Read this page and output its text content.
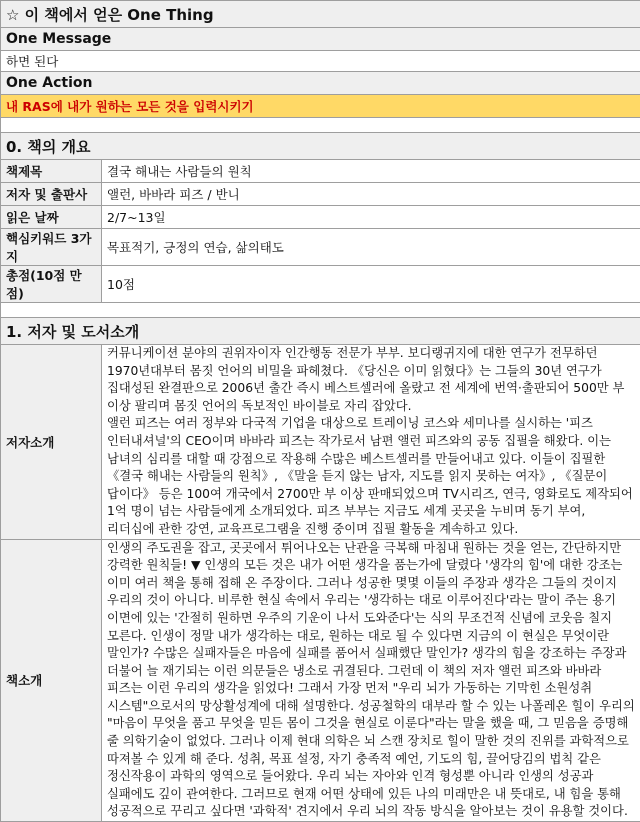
☆ 이 책에서 얻은 One Thing	
One Message	
하면 된다	
One Action	
내 RAS에 내가 원하는 모든 것을 입력시키기	

0. 책의 개요	
책제목	결국 해내는 사람들의 원칙
저자 및 출판사	앨런, 바바라 피즈 / 반니
읽은 날짜	2/7~13일
핵심키워드 3가지	목표적기, 긍정의 연습, 삶의태도
총점(10점 만점)	10점

1. 저자 및 도서소개	
저자소개	커뮤니케이션 분야의 권위자이자 인간행동 전문가 부부. 보디랭귀지에 대한 연구가 전무하던 1970년대부터 몸짓 언어의 비밀을 파헤쳤다. 《당신은 이미 읽혔다》는 그들의 30년 연구가 집대성된 완결판으로 2006년 출간 즉시 베스트셀러에 올랐고 전 세계에 번역·출판되어 500만 부 이상 팔리며 몸짓 언어의 독보적인 바이블로 자리 잡았다.

앨런 피즈는 여러 정부와 다국적 기업을 대상으로 트레이닝 코스와 세미나를 실시하는 '피즈 인터내셔널'의 CEO이며 바바라 피즈는 작가로서 남편 앨런 피즈와의 공동 집필을 해왔다. 이는 남녀의 심리를 대할 때 강점으로 작용해 수많은 베스트셀러를 만들어내고 있다. 이들이 집필한 《결국 해내는 사람들의 원칙》, 《말을 듣지 않는 남자, 지도를 읽지 못하는 여자》, 《질문이 답이다》 등은 100여 개국에서 2700만 부 이상 판매되었으며 TV시리즈, 연극, 영화로도 제작되어 1억 명이 넘는 사람들에게 소개되었다. 피즈 부부는 지금도 세계 곳곳을 누비며 동기 부여, 리더십에 관한 강연, 교육프로그램을 진행 중이며 집필 활동을 계속하고 있다.

책소개	인생의 주도권을 잡고, 곳곳에서 튀어나오는 난관을 극복해 마침내 원하는 것을 얻는, 간단하지만 강력한 원칙들! ▼ 인생의 모든 것은 내가 어떤 생각을 품는가에 달렸다 '생각의 힘'에 대한 강조는 이미 여러 책을 통해 접해 온 주장이다. 그러나 성공한 몇몇 이들의 주장과 생각은 그들의 것이지 우리의 것이 아니다. 비루한 현실 속에서 우리는 '생각하는 대로 이루어진다'라는 말이 주는 용기 이면에 있는 '간절히 원하면 우주의 기운이 나서 도와준다'는 식의 무조건적 신념에 코웃음 칠지 모른다. 인생이 정말 내가 생각하는 대로, 원하는 대로 될 수 있다면 지금의 이 현실은 무엇이란 말인가? 수많은 실패자들은 마음에 실패를 품어서 실패했단 말인가? 생각의 힘을 강조하는 주장과 더불어 늘 재기되는 이런 의문들은 냉소로 귀결된다. 그런데 이 책의 저자 앨런 피즈와 바바라 피즈는 이런 우리의 생각을 읽었다! 그래서 가장 먼저 "우리 뇌가 가동하는 기막힌 소원성취 시스템"으로서의 망상활성계에 대해 설명한다. 성공철학의 대부라 할 수 있는 나폴레온 힐이 우리의 "마음이 무엇을 품고 무엇을 믿든 몸이 그것을 현실로 이룬다"라는 말을 했을 때, 그 믿음을 증명해 줄 의학기술이 없었다. 그러나 이제 현대 의학은 뇌 스캔 장치로 힐이 말한 것의 진위를 과학적으로 따져볼 수 있게 해 준다. 성취, 목표 설정, 자기 충족적 예언, 기도의 힘, 끌어당김의 법칙 같은 정신작용이 과학의 영역으로 들어왔다. 우리 뇌는 자아와 인격 형성뿐 아니라 인생의 성공과 실패에도 깊이 관여한다. 그러므로 현재 어떤 상태에 있든 나의 미래만은 내 뜻대로, 내 힘을 통해 성공적으로 꾸리고 싶다면 '과학적' 견지에서 우리 뇌의 작동 방식을 알아보는 것이 유용할 것이다.
